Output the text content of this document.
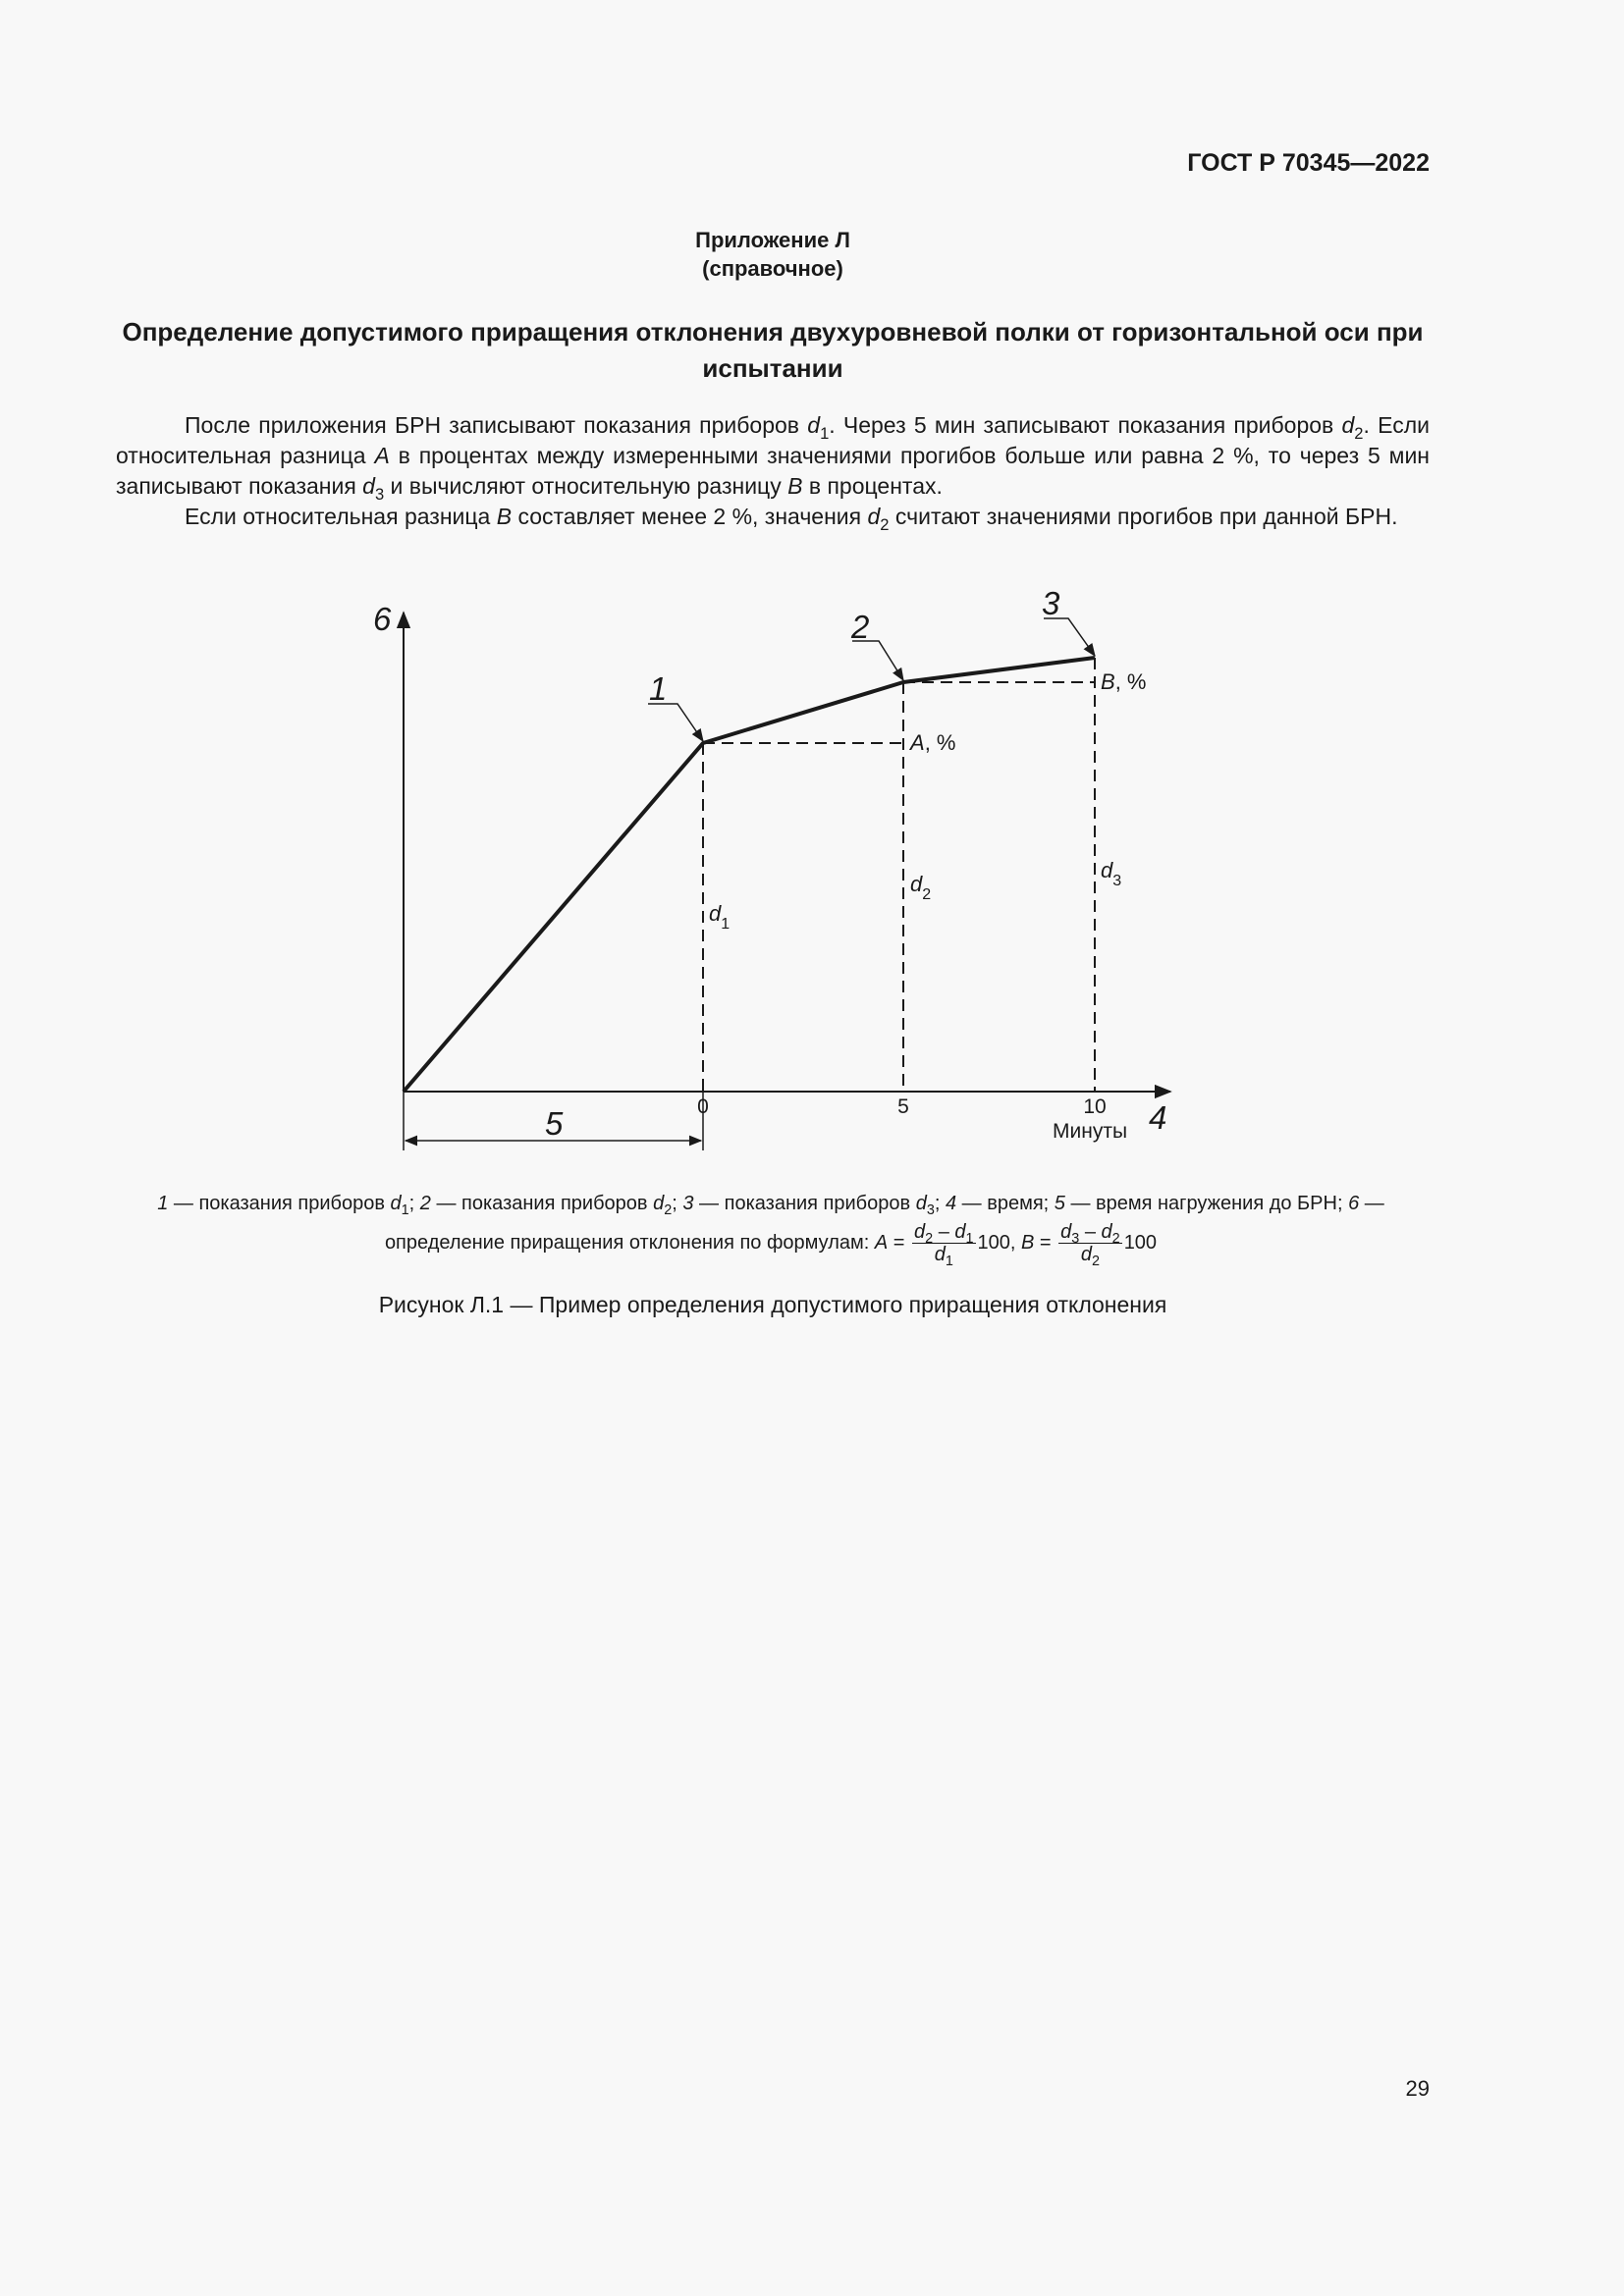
ГОСТ Р 70345—2022
Приложение Л
(справочное)
Определение допустимого приращения отклонения двухуровневой полки от горизонтальной оси при испытании

После приложения БРН записывают показания приборов $d_1$. Через 5 мин записывают показания приборов $d_2$. Если относительная разница A в процентах между измеренными значениями прогибов больше или равна 2 %, то через 5 мин записывают показания $d_3$ и вычисляют относительную разницу B в процентах.

Если относительная разница B составляет менее 2 %, значения $d_2$ считают значениями прогибов при данной БРН.

1
2
3
4
5
6
0	5	10
Минуты
$d_1$
$d_2$
$d_3$
A, %
B, %
1 — показания приборов $d_1$; 2 — показания приборов $d_2$; 3 — показания приборов $d_3$; 4 — время; 5 — время нагружения до БРН; 6 — определение приращения отклонения по формулам: $A = \frac{d_2 - d_1}{d_1} 100$, $B = \frac{d_3 - d_2}{d_2} 100$
Рисунок Л.1 — Пример определения допустимого приращения отклонения
29
